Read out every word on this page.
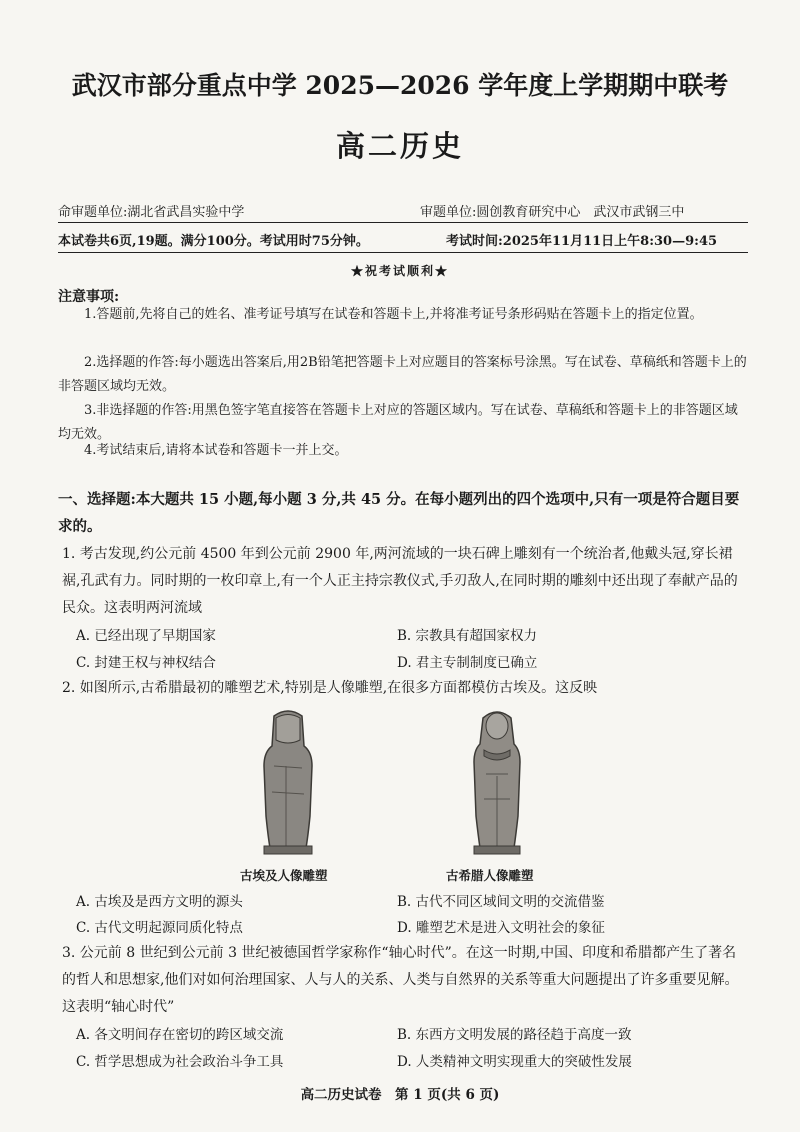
武汉市部分重点中学 2025—2026 学年度上学期期中联考
高二历史
命审题单位:湖北省武昌实验中学	审题单位:圆创教育研究中心　武汉市武钢三中
本试卷共6页,19题。满分100分。考试用时75分钟。	考试时间:2025年11月11日上午8:30—9:45
★祝考试顺利★
注意事项:
1.答题前,先将自己的姓名、准考证号填写在试卷和答题卡上,并将准考证号条形码贴在答题卡上的指定位置。
2.选择题的作答:每小题选出答案后,用2B铅笔把答题卡上对应题目的答案标号涂黑。写在试卷、草稿纸和答题卡上的非答题区域均无效。
3.非选择题的作答:用黑色签字笔直接答在答题卡上对应的答题区域内。写在试卷、草稿纸和答题卡上的非答题区域均无效。
4.考试结束后,请将本试卷和答题卡一并上交。
一、选择题:本大题共 15 小题,每小题 3 分,共 45 分。在每小题列出的四个选项中,只有一项是符合题目要求的。
1. 考古发现,约公元前 4500 年到公元前 2900 年,两河流域的一块石碑上雕刻有一个统治者,他戴头冠,穿长裙裾,孔武有力。同时期的一枚印章上,有一个人正主持宗教仪式,手刃敌人,在同时期的雕刻中还出现了奉献产品的民众。这表明两河流域
A. 已经出现了早期国家	B. 宗教具有超国家权力
C. 封建王权与神权结合	D. 君主专制制度已确立
2. 如图所示,古希腊最初的雕塑艺术,特别是人像雕塑,在很多方面都模仿古埃及。这反映
古埃及人像雕塑	古希腊人像雕塑
A. 古埃及是西方文明的源头	B. 古代不同区域间文明的交流借鉴
C. 古代文明起源同质化特点	D. 雕塑艺术是进入文明社会的象征
3. 公元前 8 世纪到公元前 3 世纪被德国哲学家称作“轴心时代”。在这一时期,中国、印度和希腊都产生了著名的哲人和思想家,他们对如何治理国家、人与人的关系、人类与自然界的关系等重大问题提出了许多重要见解。这表明“轴心时代”
A. 各文明间存在密切的跨区域交流	B. 东西方文明发展的路径趋于高度一致
C. 哲学思想成为社会政治斗争工具	D. 人类精神文明实现重大的突破性发展
高二历史试卷　第 1 页(共 6 页)
